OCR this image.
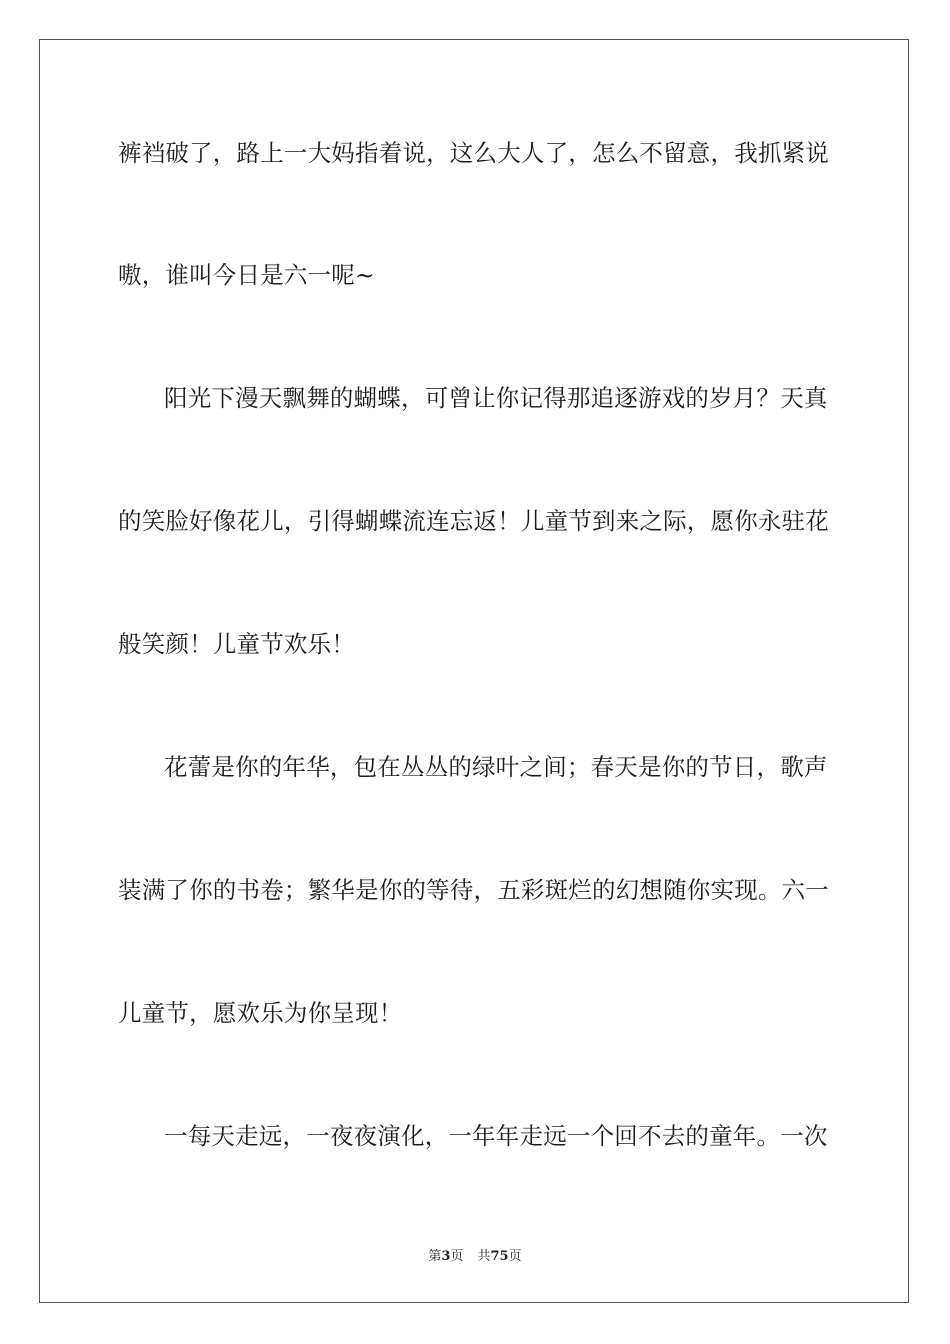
裤裆破了，路上一大妈指着说，这么大人了，怎么不留意，我抓紧说
嗷，谁叫今日是六一呢~
阳光下漫天飘舞的蝴蝶，可曾让你记得那追逐游戏的岁月？天真
的笑脸好像花儿，引得蝴蝶流连忘返！儿童节到来之际，愿你永驻花
般笑颜！儿童节欢乐！
花蕾是你的年华，包在丛丛的绿叶之间；春天是你的节日，歌声
装满了你的书卷；繁华是你的等待，五彩斑烂的幻想随你实现。六一
儿童节，愿欢乐为你呈现！
一每天走远，一夜夜演化，一年年走远一个回不去的童年。一次
第3页 共75页
